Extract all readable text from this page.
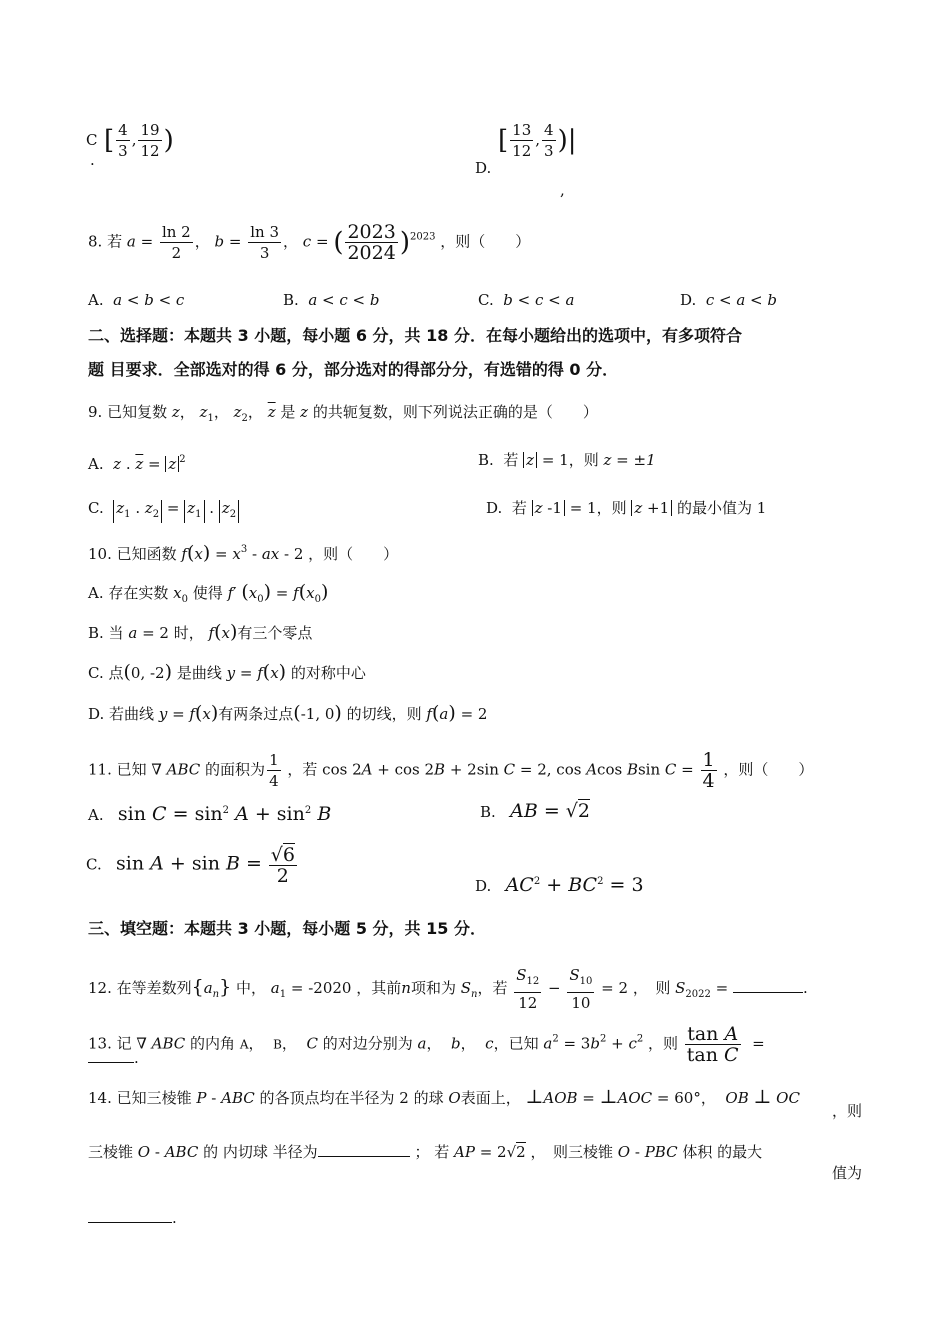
C
.
[ $\frac{4}{3}$ , $\frac{19}{12}$ )
D.
[ $\frac{13}{12}$ , $\frac{4}{3}$ )|
,
8. 若 $a = \frac{\ln 2}{2}$ ， $b = \frac{\ln 3}{3}$ ， c = ( $\frac{2023}{2024} )^{2023}$ ，则（　　）
A. a < b < c	B. a < c < b	C. b < c < a	D. c < a < b
二、选择题：本题共 3 小题，每小题 6 分，共 18 分．在每小题给出的选项中，有多项符合
题 目要求．全部选对的得 6 分，部分选对的得部分分，有选错的得 0 分．
9. 已知复数 z， $z_1$， $z_2$， $\overline{z}$ 是 z 的共轭复数，则下列说法正确的是（　　）
A. z . $\overline{z} = z$ $^2$	B. 若 z = 1，则 z = ±1
C. $z_1$ . $z_2 = z_1$ . $z_2$	D. 若 z -1 = 1，则 z +1 的最小值为 1
10. 已知函数 $f(x) = x^3$ - ax - 2 ，则（　　）
A. 存在实数 $x_0$ 使得 f′ $(x_0) = f(x_0)$
B. 当 a = 2 时， f(x)有三个零点
C. 点(0, -2) 是曲线 y = f(x) 的对称中心
D. 若曲线 y = f(x)有两条过点(-1, 0) 的切线，则 f(a) = 2
11. 已知 ∇ ABC 的面积为 $\frac{1}{4}$ ，若 cos 2A + cos 2B + 2sin C = 2, cos Acos Bsin $C = \frac{1}{4}$ ，则（　　）
A. $\sin C = \sin^2 A + \sin^2 B$	B. AB = √2
C. $\sin A + \sin B = \frac{√6}{2}$	D. $AC^2 + BC^2 = 3$
三、填空题：本题共 3 小题，每小题 5 分，共 15 分．
12. 在等差数列$\{a_n\}$ 中， $a_1 = -2020$ ，其前n项和为 $S_n$，若 $\frac{S_{12}}{12} - \frac{S_{10}}{10} = 2$ ，　则 $S_{2022}$ =	.
13. 记 ∇ ABC 的内角 A，  B，  C 的对边分别为 a，  b，  c，已知 $a^2 = 3b^2 + c^2$ ，则 $\frac{\text{tan A}}{\text{tan C}}$ =
.
14. 已知三棱锥 P - ABC 的各顶点均在半径为 2 的球 O表面上， ⊥AOB = ⊥AOC = 60°， OB ⊥ OC
，则
三棱锥 O - ABC 的 内切球 半径为	； 若 AP = 2√2 ，　则三棱锥 O - PBC 体积 的最大
值为
.
